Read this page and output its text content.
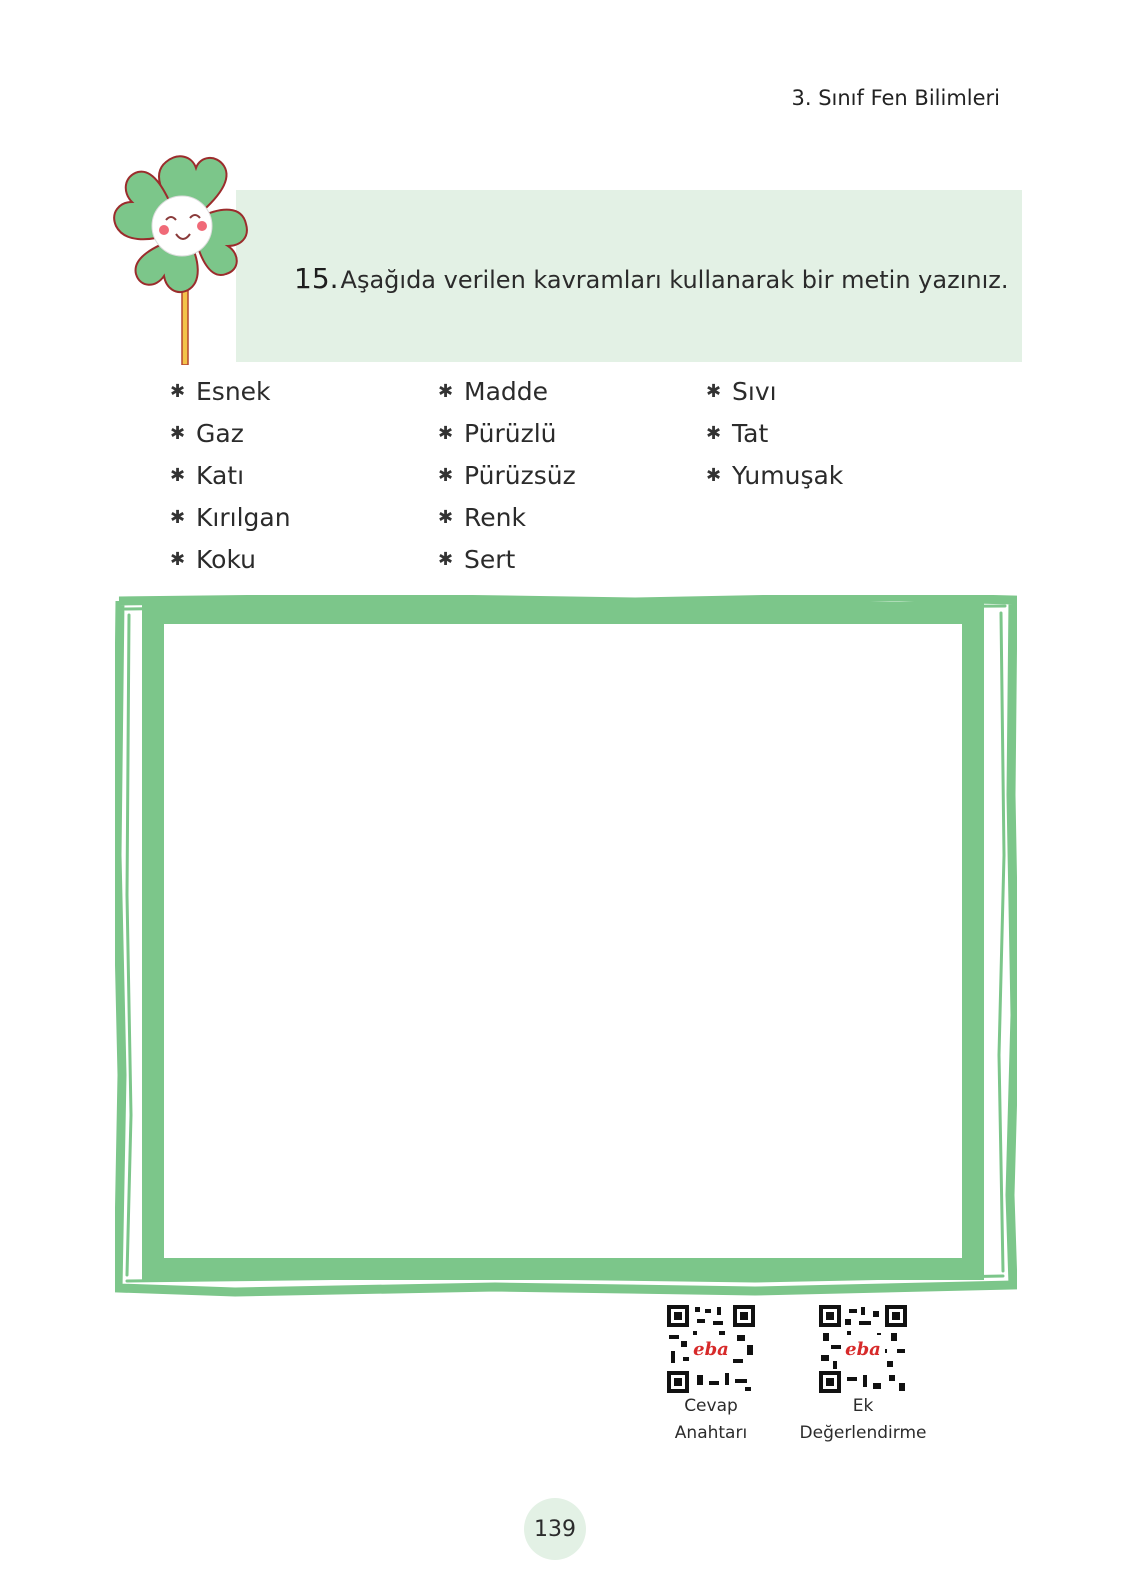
3. Sınıf Fen Bilimleri
15.Aşağıda verilen kavramları kullanarak bir metin yazınız.
✱ Esnek
✱ Gaz
✱ Katı
✱ Kırılgan
✱ Koku
✱ Madde
✱ Pürüzlü
✱ Pürüzsüz
✱ Renk
✱ Sert
✱ Sıvı
✱ Tat
✱ Yumuşak
eba
Cevap
Anahtarı
eba
Ek
Değerlendirme
139
